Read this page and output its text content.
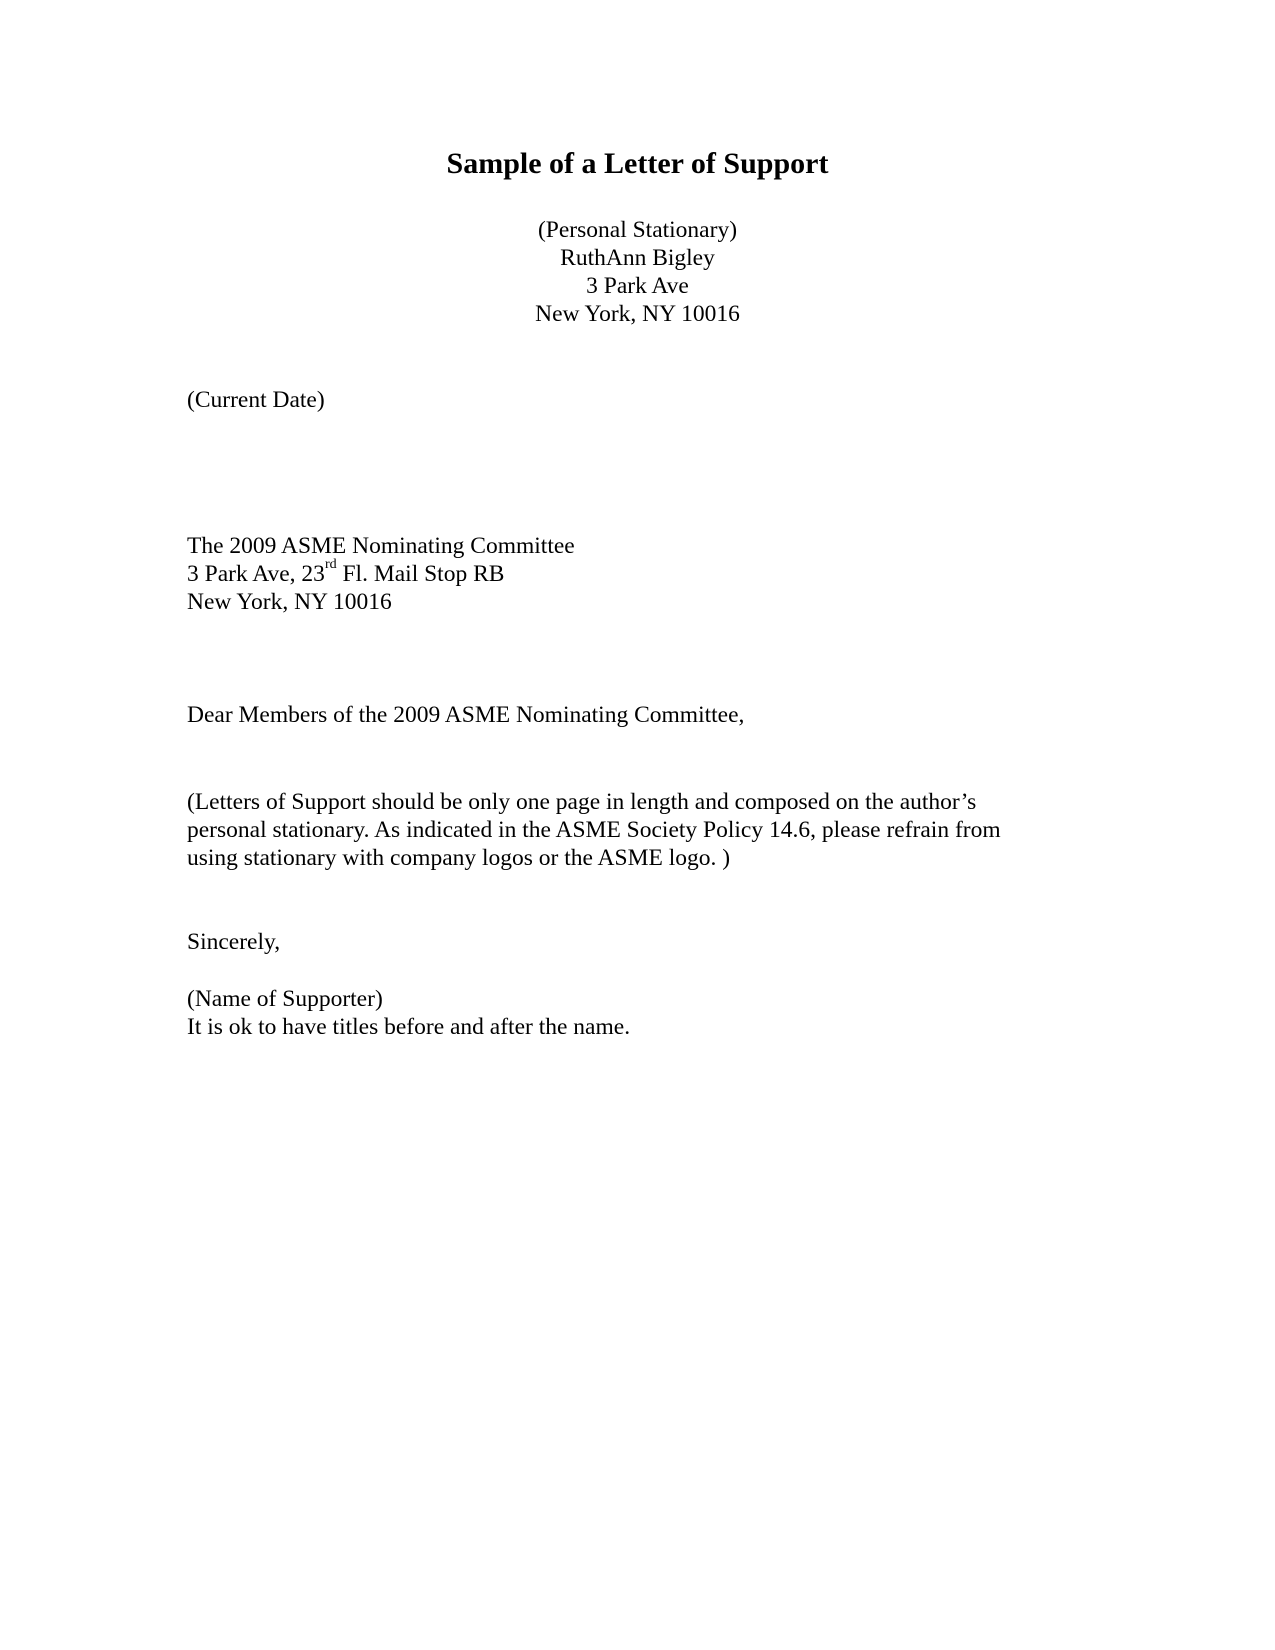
Sample of a Letter of Support
(Personal Stationary)
RuthAnn Bigley
3 Park Ave
New York, NY 10016
(Current Date)
The 2009 ASME Nominating Committee
3 Park Ave, 23rd Fl. Mail Stop RB
New York, NY 10016
Dear Members of the 2009 ASME Nominating Committee,
(Letters of Support should be only one page in length and composed on the author’s
personal stationary. As indicated in the ASME Society Policy 14.6, please refrain from
using stationary with company logos or the ASME logo. )
Sincerely,
(Name of Supporter)
It is ok to have titles before and after the name.
